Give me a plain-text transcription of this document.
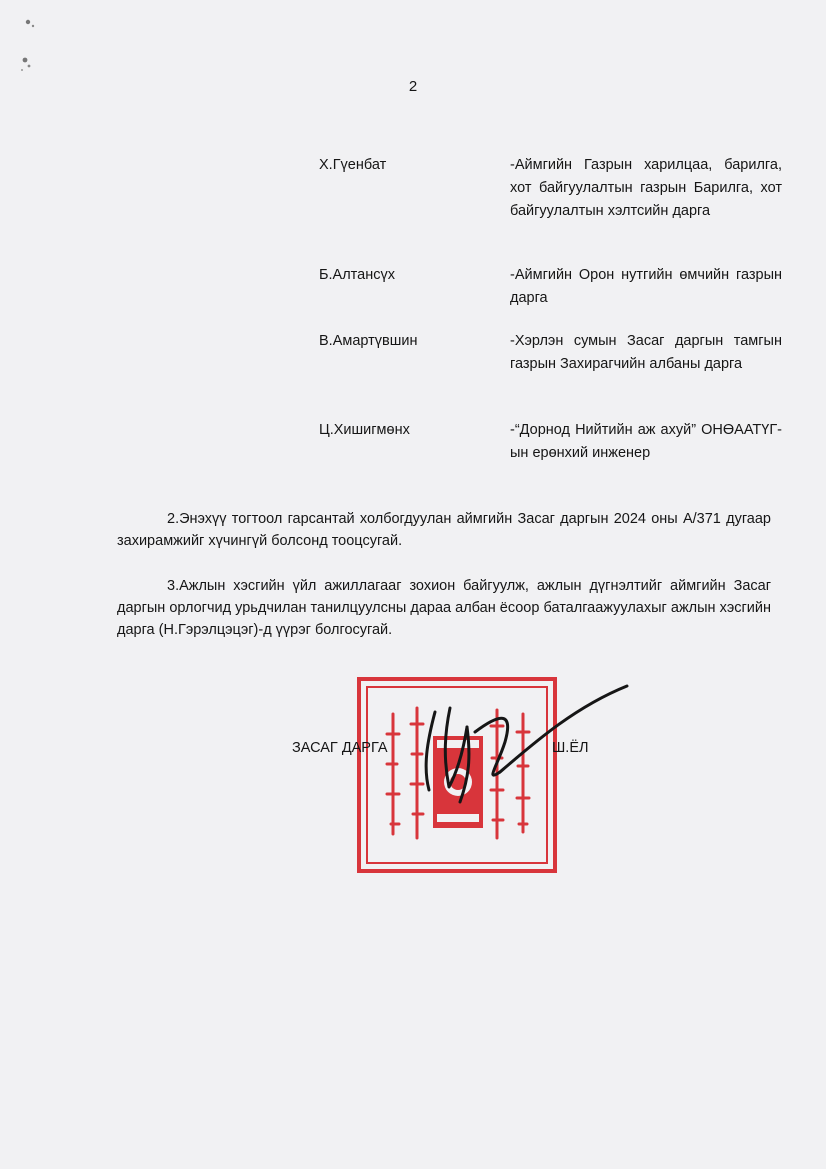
2
Х.Гүенбат	-Аймгийн Газрын харилцаа, барилга, хот байгуулалтын газрын Барилга, хот байгуулалтын хэлтсийн дарга
Б.Алтансүх	-Аймгийн Орон нутгийн өмчийн газрын дарга
В.Амартүвшин	-Хэрлэн сумын Засаг даргын тамгын газрын Захирагчийн албаны дарга
Ц.Хишигмөнх	-“Дорнод Нийтийн аж ахуй” ОНӨААТҮГ-ын ерөнхий инженер

2.Энэхүү тогтоол гарсантай холбогдуулан аймгийн Засаг даргын 2024 оны А/371 дугаар захирамжийг хүчингүй болсонд тооцсугай.

3.Ажлын хэсгийн үйл ажиллагааг зохион байгуулж, ажлын дүгнэлтийг аймгийн Засаг даргын орлогчид урьдчилан танилцуулсны дараа албан ёсоор баталгаажуулахыг ажлын хэсгийн дарга (Н.Гэрэлцэцэг)-д үүрэг болгосугай.

ЗАСАГ ДАРГА	Ш.ЁЛ
